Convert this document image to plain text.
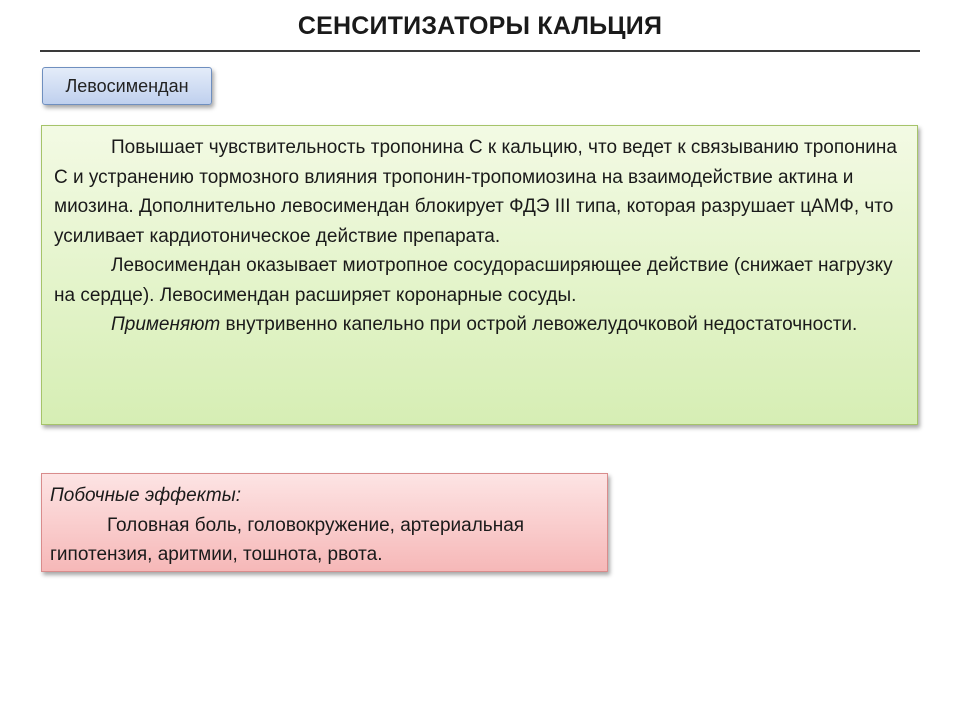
СЕНСИТИЗАТОРЫ КАЛЬЦИЯ
Левосимендан

Повышает чувствительность тропонина С к кальцию, что ведет к связыванию тропонина С и устранению тормозного влияния тропонин-тропомиозина на взаимодействие актина и миозина. Дополнительно левосимендан блокирует ФДЭ III типа, которая разрушает цАМФ, что усиливает кардиотоническое действие препарата.

Левосимендан оказывает миотропное сосудорасширяющее действие (снижает нагрузку на сердце). Левосимендан расширяет коронарные сосуды.

Применяют внутривенно капельно при острой левожелудочковой недостаточности.

Побочные эффекты:

Головная боль, головокружение, артериальная гипотензия, аритмии, тошнота, рвота.
